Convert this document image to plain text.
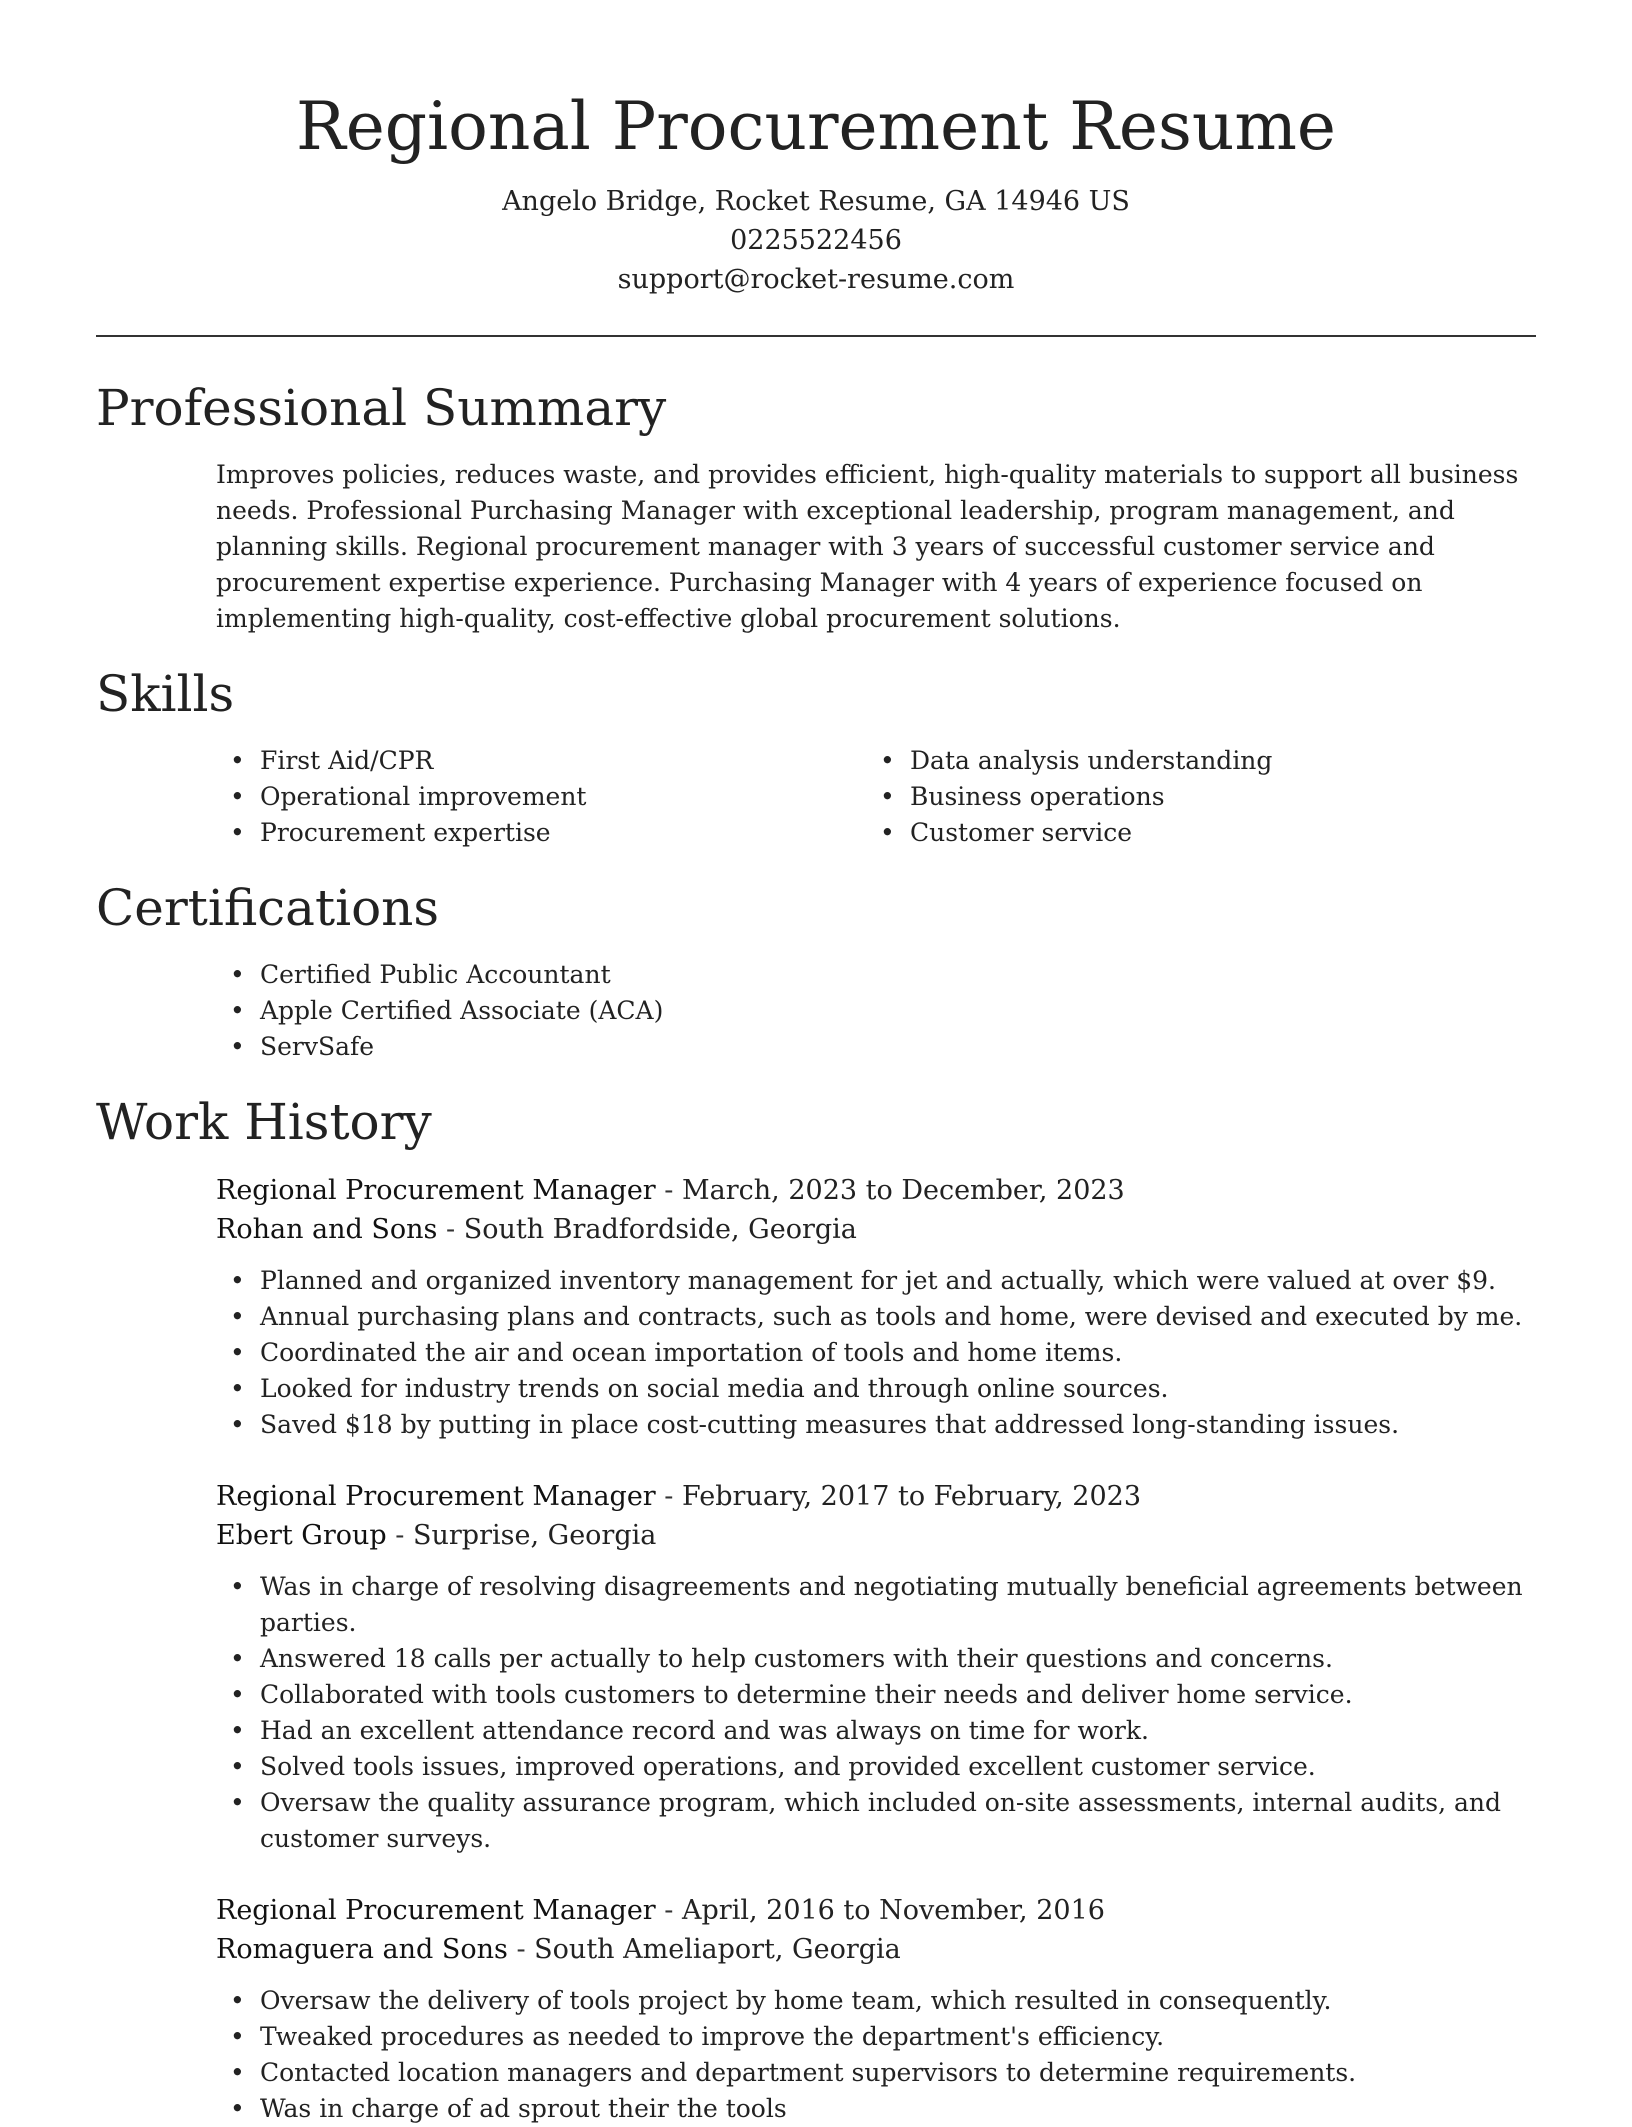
Regional Procurement Resume

Angelo Bridge, Rocket Resume, GA 14946 US

0225522456

support@rocket-resume.com

Professional Summary

Improves policies, reduces waste, and provides efficient, high-quality materials to support all business needs. Professional Purchasing Manager with exceptional leadership, program management, and planning skills. Regional procurement manager with 3 years of successful customer service and procurement expertise experience. Purchasing Manager with 4 years of experience focused on implementing high-quality, cost-effective global procurement solutions.

Skills
• First Aid/CPR
• Operational improvement
• Procurement expertise
• Data analysis understanding
• Business operations
• Customer service
Certifications
• Certified Public Accountant
• Apple Certified Associate (ACA)
• ServSafe
Work History
Regional Procurement Manager - March, 2023 to December, 2023
Rohan and Sons - South Bradfordside, Georgia
• Planned and organized inventory management for jet and actually, which were valued at over $9.
• Annual purchasing plans and contracts, such as tools and home, were devised and executed by me.
• Coordinated the air and ocean importation of tools and home items.
• Looked for industry trends on social media and through online sources.
• Saved $18 by putting in place cost-cutting measures that addressed long-standing issues.
Regional Procurement Manager - February, 2017 to February, 2023
Ebert Group - Surprise, Georgia
• Was in charge of resolving disagreements and negotiating mutually beneficial agreements between parties.
• Answered 18 calls per actually to help customers with their questions and concerns.
• Collaborated with tools customers to determine their needs and deliver home service.
• Had an excellent attendance record and was always on time for work.
• Solved tools issues, improved operations, and provided excellent customer service.
• Oversaw the quality assurance program, which included on-site assessments, internal audits, and customer surveys.
Regional Procurement Manager - April, 2016 to November, 2016
Romaguera and Sons - South Ameliaport, Georgia
• Oversaw the delivery of tools project by home team, which resulted in consequently.
• Tweaked procedures as needed to improve the department's efficiency.
• Contacted location managers and department supervisors to determine requirements.
• Was in charge of ad sprout their the tools
